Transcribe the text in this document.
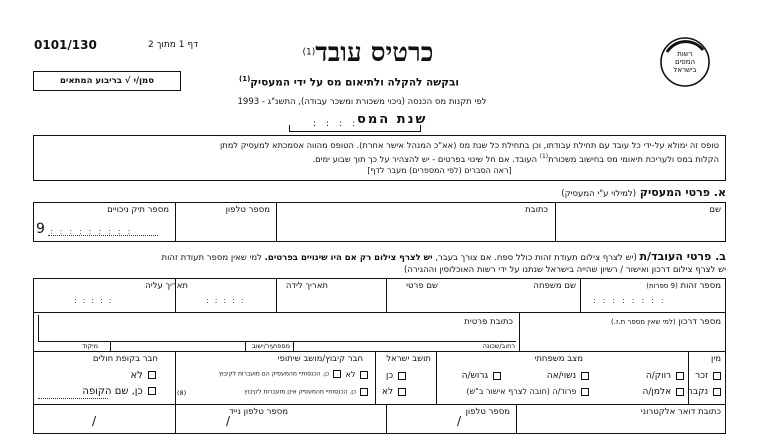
0101/130	דף 1 מתוך 2	כרטיס עובד$^{(1)}$
ובקשה להקלה ולתיאום מס על ידי המעסיק$^{(1)}$
לפי תקנות מס הכנסה (ניכוי משכורת ומשכר עבודה), התשנ"ג - 1993
::::
שנת המס
סמן/י √ בריבוע המתאים
רשות
המסים
בישראל
טופס זה ימולא על-ידי כל עובד עם תחילת עבודתו, וכן בתחילת כל שנת מס (אא"כ המנהל אישר אחרת). הטופס מהווה אסמכתא למעסיק למתן
הקלות במס ולעריכת תיאומי מס בחישוב משכורת$^{(1)}$ העובד. אם חל שינוי בפרטים - יש להצהיר על כך תוך שבוע ימים.
[ראה הסברים (לפי המספרים) מעבר לדף]
א. פרטי המעסיק (למילוי ע"י המעסיק)
שם
כתובת
מספר טלפון
מספר תיק ניכויים
9 :::::::::
ב. פרטי העובד/ת (יש לצרף צילום תעודת זהות כולל ספח. אם צורך בעבר, יש לצרף צילום רק אם היו שינויים בפרטים. למי שאין מספר תעודת זהות
יש לצרף צילום דרכון ואישור / רשיון שהייה בישראל שנתנו על ידי רשות האוכלוסין וההגירה)
מספר זהות (9 ספרות)
שם משפחה
שם פרטי
תאריך לידה
תאריך עליה
::::::::
:::::
:::::
מספר דרכון (למי שאין מספר ת.ז.)
כתובת פרטית
רחוב/שכונה
מספר
עיר/ישוב
מיקוד
מין
זכר
נקבה
מצב משפחתי
רווק/ה
נשוי/אה
גרוש/ה
אלמן/ה
פרוד/ה (חובה לצרף אישור ב"ש)
תושב ישראל
כן
לא
חבר קיבוץ/מושב שיתופי
לא
כן. הכנסותיי מהמעסיק הם מועברות לקיבוץ
כן. הכנסותיי מהמעסיק אינן מועברות לקיבוץ
(8)
חבר בקופת חולים
לא
כן, שם הקופה
כתובת דואר אלקטרוני
מספר טלפון
מספר טלפון נייד
/
/
/
